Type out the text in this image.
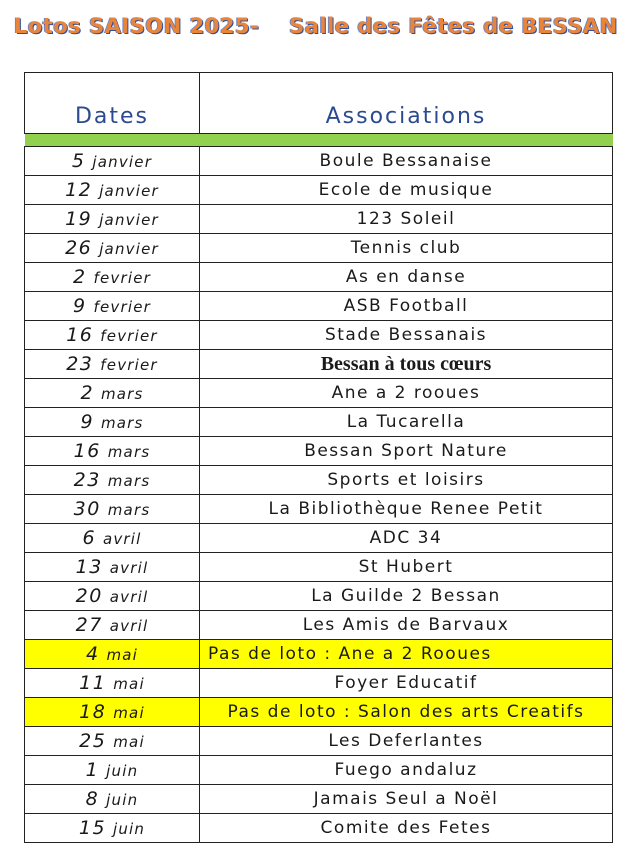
Lotos SAISON 2025- Salle des Fêtes de BESSAN
Dates	Associations

5 janvier	Boule Bessanaise
12 janvier	Ecole de musique
19 janvier	123 Soleil
26 janvier	Tennis club
2 fevrier	As en danse
9 fevrier	ASB Football
16 fevrier	Stade Bessanais
23 fevrier	Bessan à tous cœurs
2 mars	Ane a 2 rooues
9 mars	La Tucarella
16 mars	Bessan Sport Nature
23 mars	Sports et loisirs
30 mars	La Bibliothèque Renee Petit
6 avril	ADC 34
13 avril	St Hubert
20 avril	La Guilde 2 Bessan
27 avril	Les Amis de Barvaux
4 mai	Pas de loto : Ane a 2 Rooues
11 mai	Foyer Educatif
18 mai	Pas de loto : Salon des arts Creatifs
25 mai	Les Deferlantes
1 juin	Fuego andaluz
8 juin	Jamais Seul a Noël
15 juin	Comite des Fetes
